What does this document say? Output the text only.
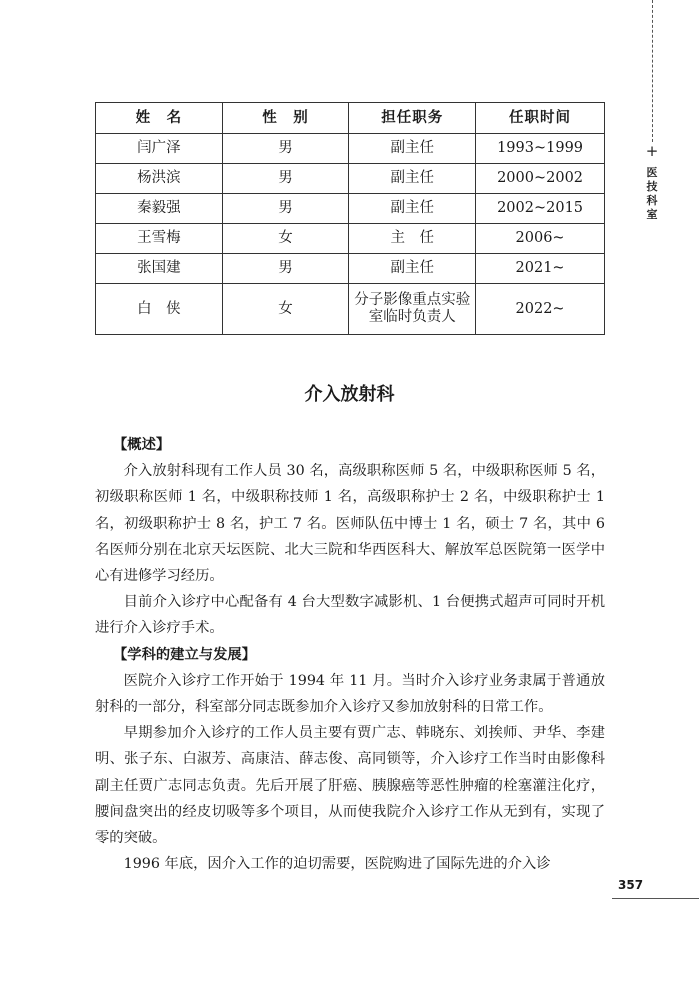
+
医
技
科
室
姓　名	性　别	担任职务	任职时间
闫广泽	男	副主任	1993~1999
杨洪滨	男	副主任	2000~2002
秦毅强	男	副主任	2002~2015
王雪梅	女	主　任	2006~
张国建	男	副主任	2021~
白　侠	女	分子影像重点实验室临时负责人	2022~
介入放射科
【概述】

介入放射科现有工作人员 30 名，高级职称医师 5 名，中级职称医师 5 名，初级职称医师 1 名，中级职称技师 1 名，高级职称护士 2 名，中级职称护士 1 名，初级职称护士 8 名，护工 7 名。医师队伍中博士 1 名，硕士 7 名，其中 6 名医师分别在北京天坛医院、北大三院和华西医科大、解放军总医院第一医学中心有进修学习经历。

目前介入诊疗中心配备有 4 台大型数字减影机、1 台便携式超声可同时开机进行介入诊疗手术。

【学科的建立与发展】

医院介入诊疗工作开始于 1994 年 11 月。当时介入诊疗业务隶属于普通放射科的一部分，科室部分同志既参加介入诊疗又参加放射科的日常工作。

早期参加介入诊疗的工作人员主要有贾广志、韩晓东、刘挨师、尹华、李建明、张子东、白淑芳、高康洁、薛志俊、高同锁等，介入诊疗工作当时由影像科副主任贾广志同志负责。先后开展了肝癌、胰腺癌等恶性肿瘤的栓塞灌注化疗，腰间盘突出的经皮切吸等多个项目，从而使我院介入诊疗工作从无到有，实现了零的突破。

1996 年底，因介入工作的迫切需要，医院购进了国际先进的介入诊

357
